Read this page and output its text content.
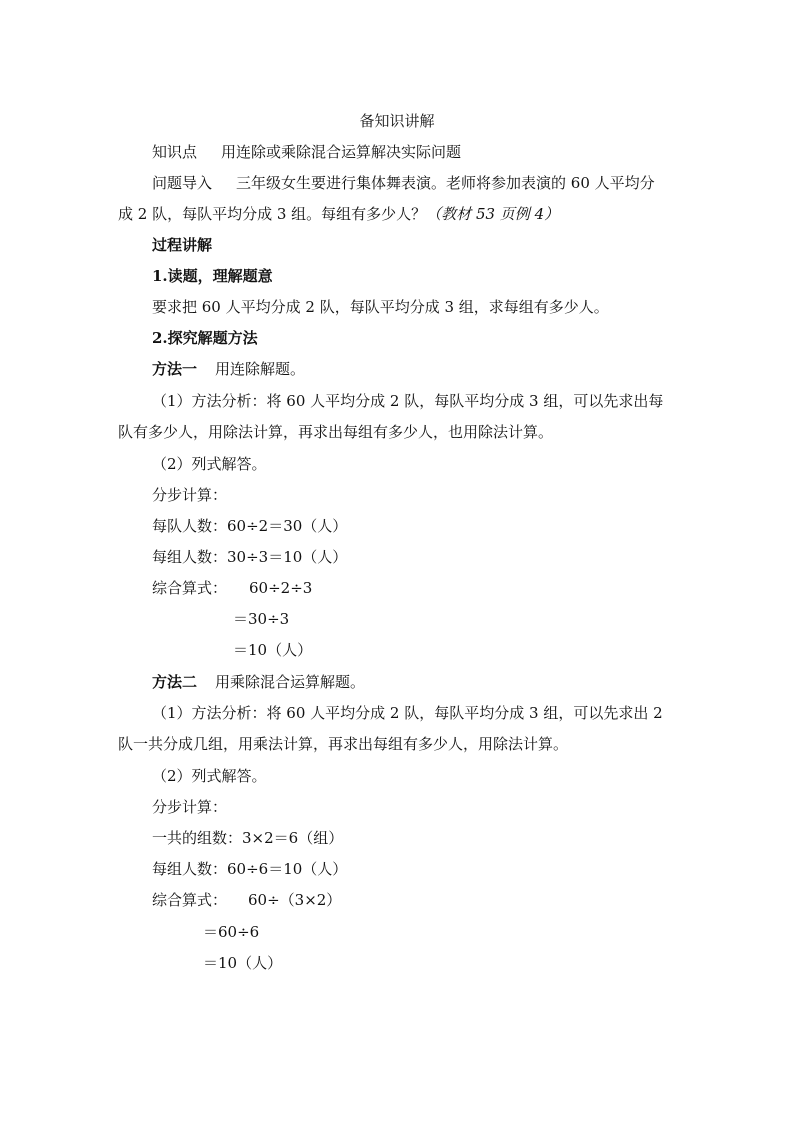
备知识讲解
知识点 用连除或乘除混合运算解决实际问题
问题导入 三年级女生要进行集体舞表演。老师将参加表演的 60 人平均分
成 2 队，每队平均分成 3 组。每组有多少人？（教材 53 页例 4）
过程讲解
1.读题，理解题意
要求把 60 人平均分成 2 队，每队平均分成 3 组，求每组有多少人。
2.探究解题方法
方法一 用连除解题。
（1）方法分析：将 60 人平均分成 2 队，每队平均分成 3 组，可以先求出每
队有多少人，用除法计算，再求出每组有多少人，也用除法计算。
（2）列式解答。
分步计算：
每队人数：60÷2＝30（人）
每组人数：30÷3＝10（人）
综合算式： 60÷2÷3
＝30÷3
＝10（人）
方法二 用乘除混合运算解题。
（1）方法分析：将 60 人平均分成 2 队，每队平均分成 3 组，可以先求出 2
队一共分成几组，用乘法计算，再求出每组有多少人，用除法计算。
（2）列式解答。
分步计算：
一共的组数：3×2＝6（组）
每组人数：60÷6＝10（人）
综合算式： 60÷（3×2）
＝60÷6
＝10（人）
